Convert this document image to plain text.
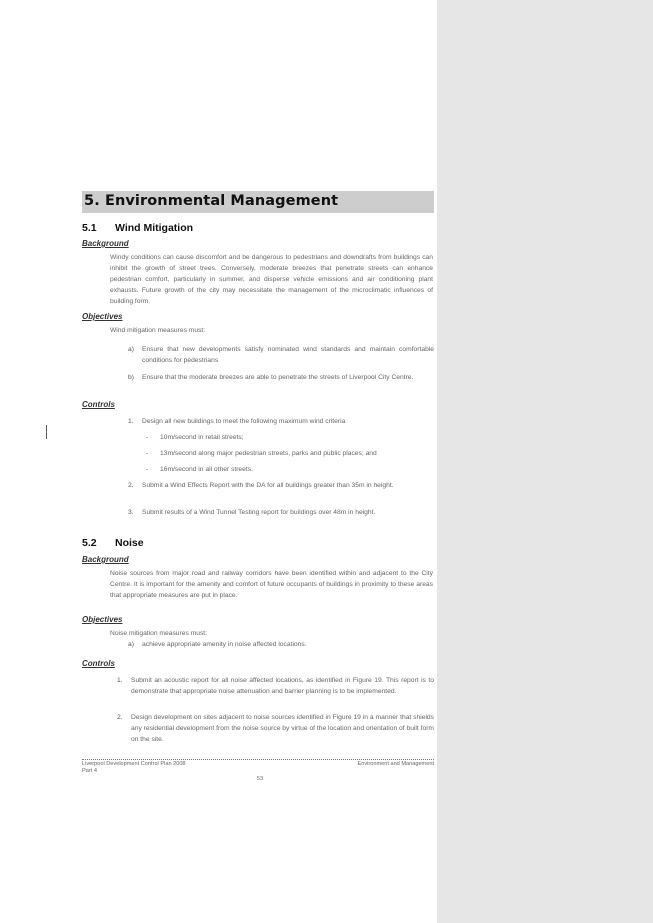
5. Environmental Management
5.1 Wind Mitigation
Background

Windy conditions can cause discomfort and be dangerous to pedestrians and downdrafts from buildings can inhibit the growth of street trees. Conversely, moderate breezes that penetrate streets can enhance pedestrian comfort, particularly in summer, and disperse vehicle emissions and air conditioning plant exhausts. Future growth of the city may necessitate the management of the microclimatic influences of building form.

Objectives

Wind mitigation measures must:

a) Ensure that new developments satisfy nominated wind standards and maintain comfortable conditions for pedestrians

b) Ensure that the moderate breezes are able to penetrate the streets of Liverpool City Centre.

Controls
1. Design all new buildings to meet the following maximum wind criteria

- 10m/second in retail streets;

- 13m/second along major pedestrian streets, parks and public places; and

- 16m/second in all other streets.

2. Submit a Wind Effects Report with the DA for all buildings greater than 35m in height.

3. Submit results of a Wind Tunnel Testing report for buildings over 48m in height.

5.2 Noise
Background

Noise sources from major road and railway corridors have been identified within and adjacent to the City Centre. It is important for the amenity and comfort of future occupants of buildings in proximity to these areas that appropriate measures are put in place.

Objectives

Noise mitigation measures must:

a) achieve appropriate amenity in noise affected locations.

Controls
1. Submit an acoustic report for all noise affected locations, as identified in Figure 19. This report is to demonstrate that appropriate noise attenuation and barrier planning is to be implemented.

2. Design development on sites adjacent to noise sources identified in Figure 19 in a manner that shields any residential development from the noise source by virtue of the location and orientation of built form on the site.

Liverpool Development Control Plan 2008
Part 4
Environment and Management
53
